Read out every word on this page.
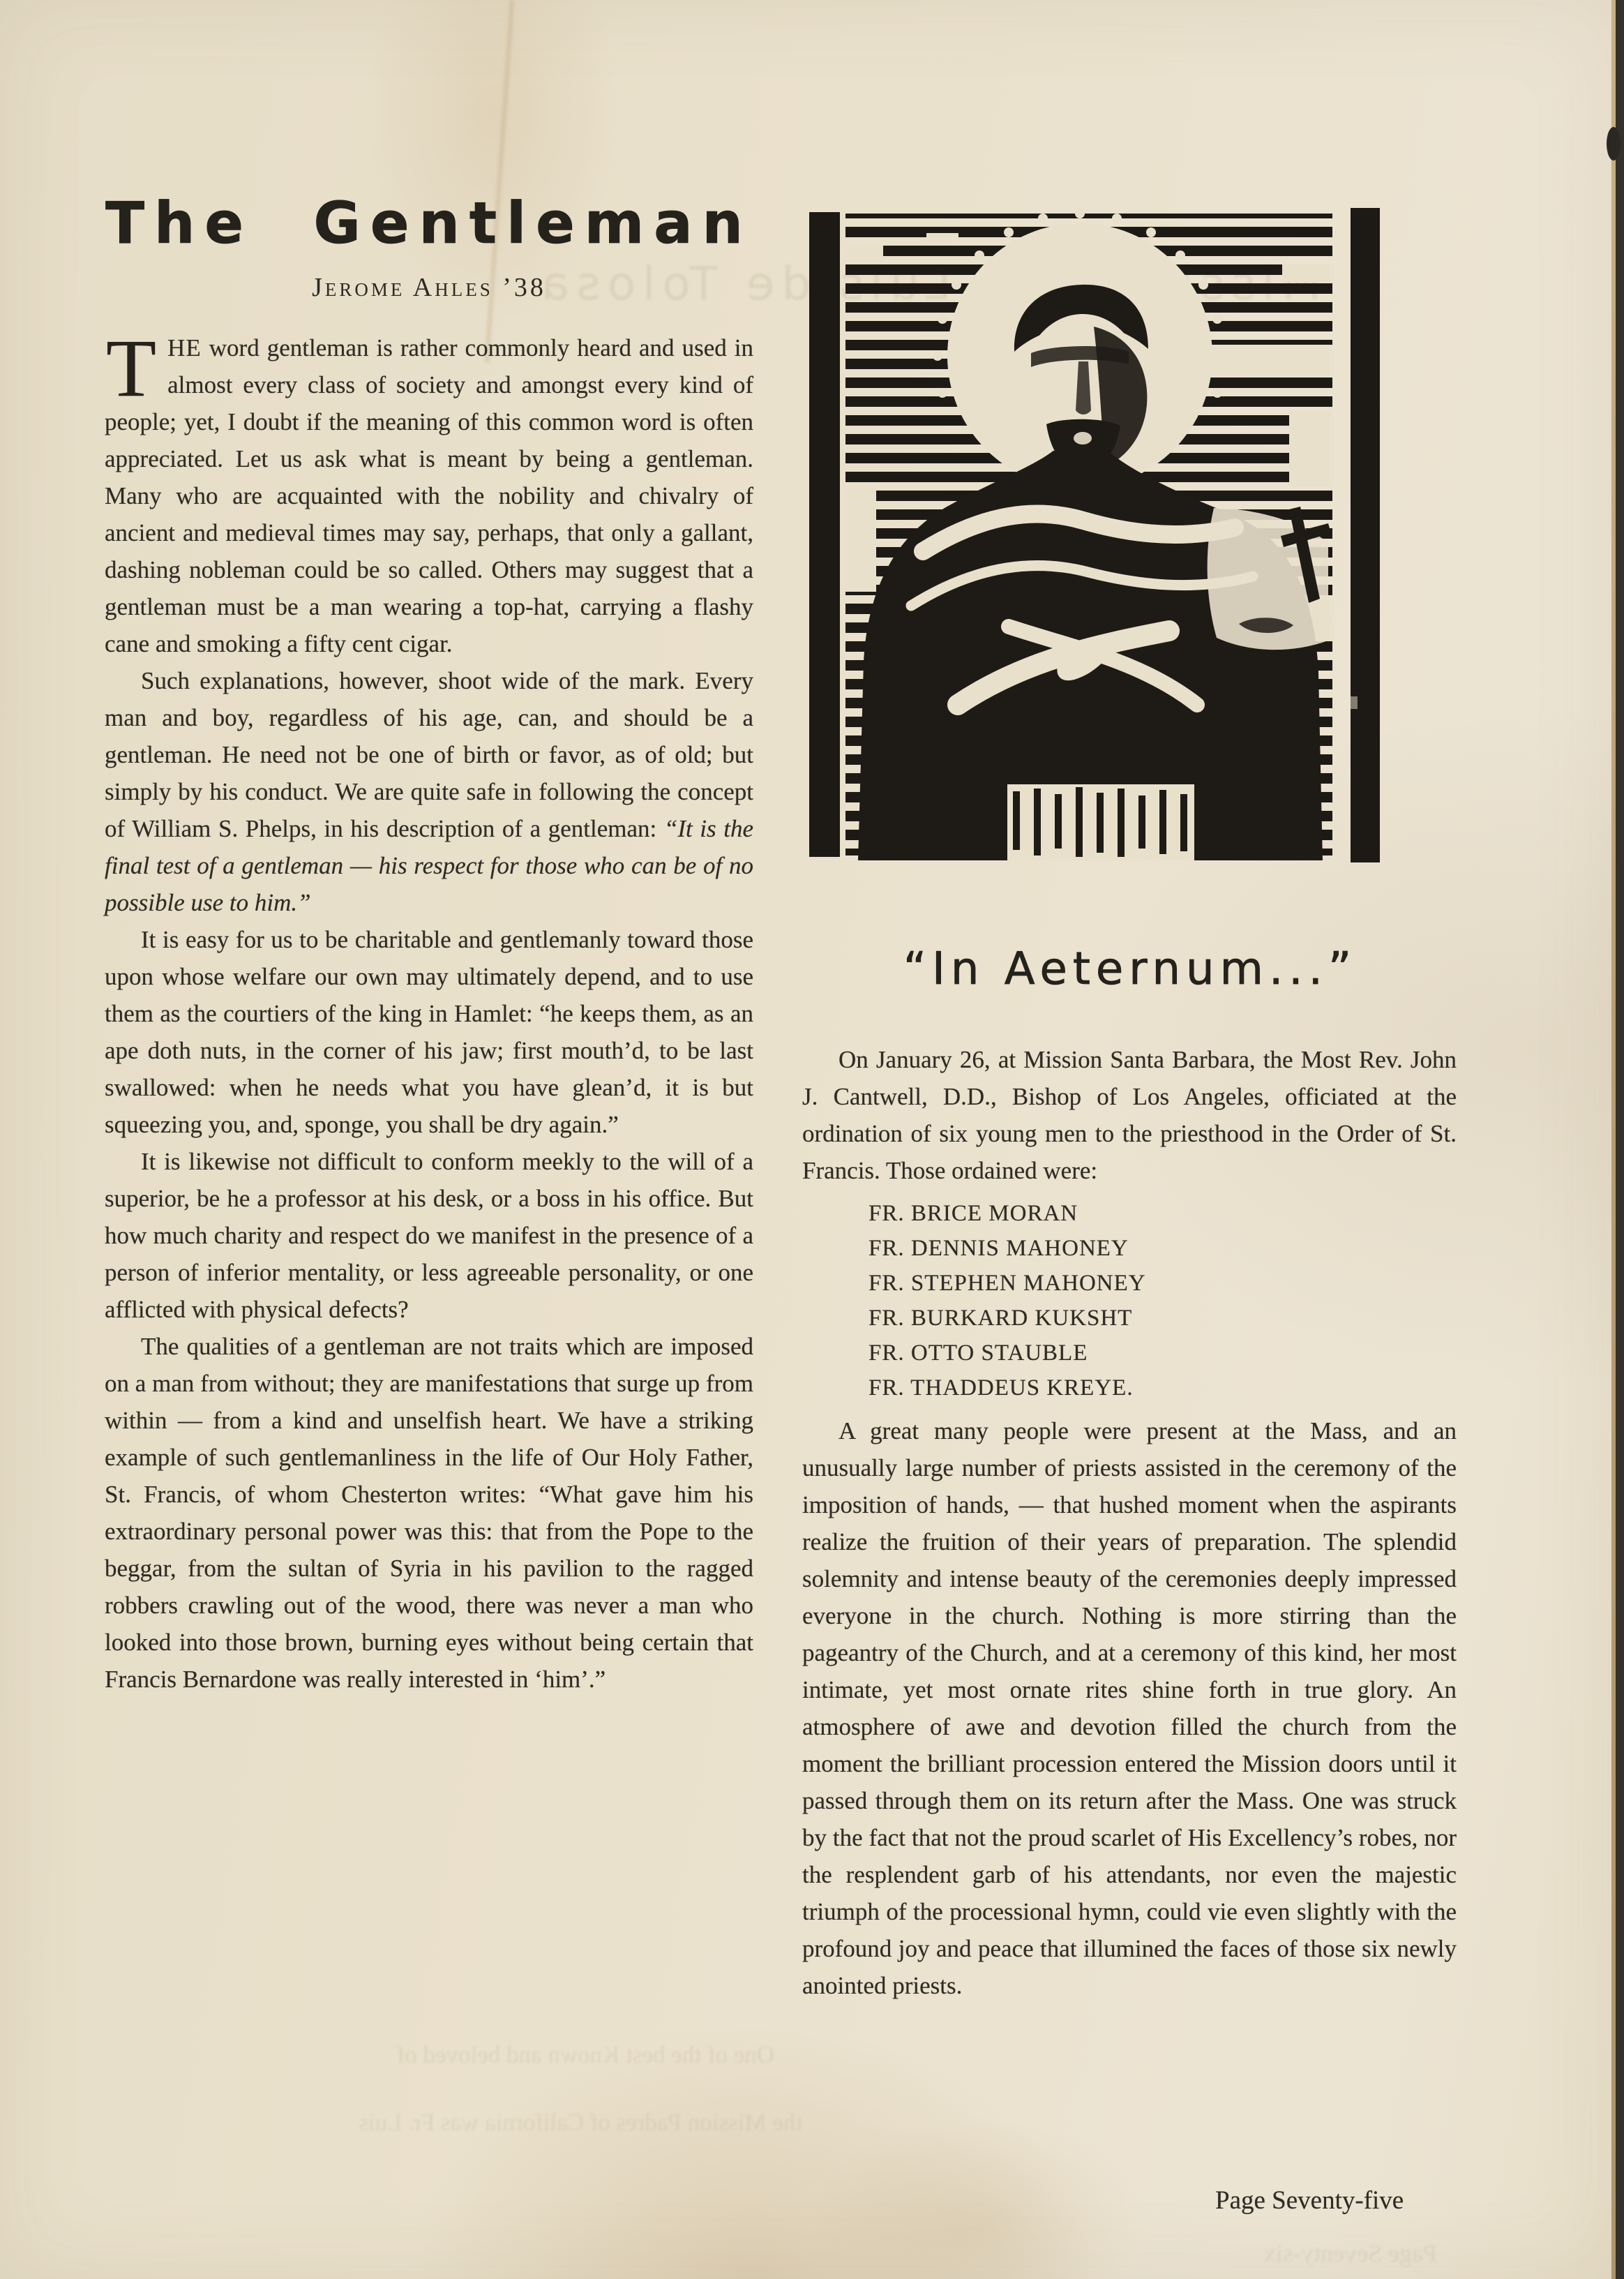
de Tolosa
One of the best Known and beloved of
the Mission Padres of California was Fr. Luis
Page Seventy-six
The Gentleman
Jerome Ahles ’38

THE word gentleman is rather commonly heard and used in almost every class of society and amongst every kind of people; yet, I doubt if the meaning of this common word is often appreciated. Let us ask what is meant by being a gentleman. Many who are acquainted with the nobility and chivalry of ancient and medieval times may say, perhaps, that only a gallant, dashing nobleman could be so called. Others may suggest that a gentleman must be a man wearing a top-hat, carrying a flashy cane and smoking a fifty cent cigar.

Such explanations, however, shoot wide of the mark. Every man and boy, regardless of his age, can, and should be a gentleman. He need not be one of birth or favor, as of old; but simply by his conduct. We are quite safe in following the concept of William S. Phelps, in his description of a gentleman: “It is the final test of a gentleman — his respect for those who can be of no possible use to him.”

It is easy for us to be charitable and gentlemanly toward those upon whose welfare our own may ultimately depend, and to use them as the courtiers of the king in Hamlet: “he keeps them, as an ape doth nuts, in the corner of his jaw; first mouth’d, to be last swallowed: when he needs what you have glean’d, it is but squeezing you, and, sponge, you shall be dry again.”

It is likewise not difficult to conform meekly to the will of a superior, be he a professor at his desk, or a boss in his office. But how much charity and respect do we manifest in the presence of a person of inferior mentality, or less agreeable personality, or one afflicted with physical defects?

The qualities of a gentleman are not traits which are imposed on a man from without; they are manifestations that surge up from within — from a kind and unselfish heart. We have a striking example of such gentlemanliness in the life of Our Holy Father, St. Francis, of whom Chesterton writes: “What gave him his extraordinary personal power was this: that from the Pope to the beggar, from the sultan of Syria in his pavilion to the ragged robbers crawling out of the wood, there was never a man who looked into those brown, burning eyes without being certain that Francis Bernardone was really interested in ‘him’.”

“In Aeternum...”

On January 26, at Mission Santa Barbara, the Most Rev. John J. Cantwell, D.D., Bishop of Los Angeles, officiated at the ordination of six young men to the priesthood in the Order of St. Francis. Those ordained were:

FR. BRICE MORAN
FR. DENNIS MAHONEY
FR. STEPHEN MAHONEY
FR. BURKARD KUKSHT
FR. OTTO STAUBLE
FR. THADDEUS KREYE.

A great many people were present at the Mass, and an unusually large number of priests assisted in the ceremony of the imposition of hands, — that hushed moment when the aspirants realize the fruition of their years of preparation. The splendid solemnity and intense beauty of the ceremonies deeply impressed everyone in the church. Nothing is more stirring than the pageantry of the Church, and at a ceremony of this kind, her most intimate, yet most ornate rites shine forth in true glory. An atmosphere of awe and devotion filled the church from the moment the brilliant procession entered the Mission doors until it passed through them on its return after the Mass. One was struck by the fact that not the proud scarlet of His Excellency’s robes, nor the resplendent garb of his attendants, nor even the majestic triumph of the processional hymn, could vie even slightly with the profound joy and peace that illumined the faces of those six newly anointed priests.

Page Seventy-five
